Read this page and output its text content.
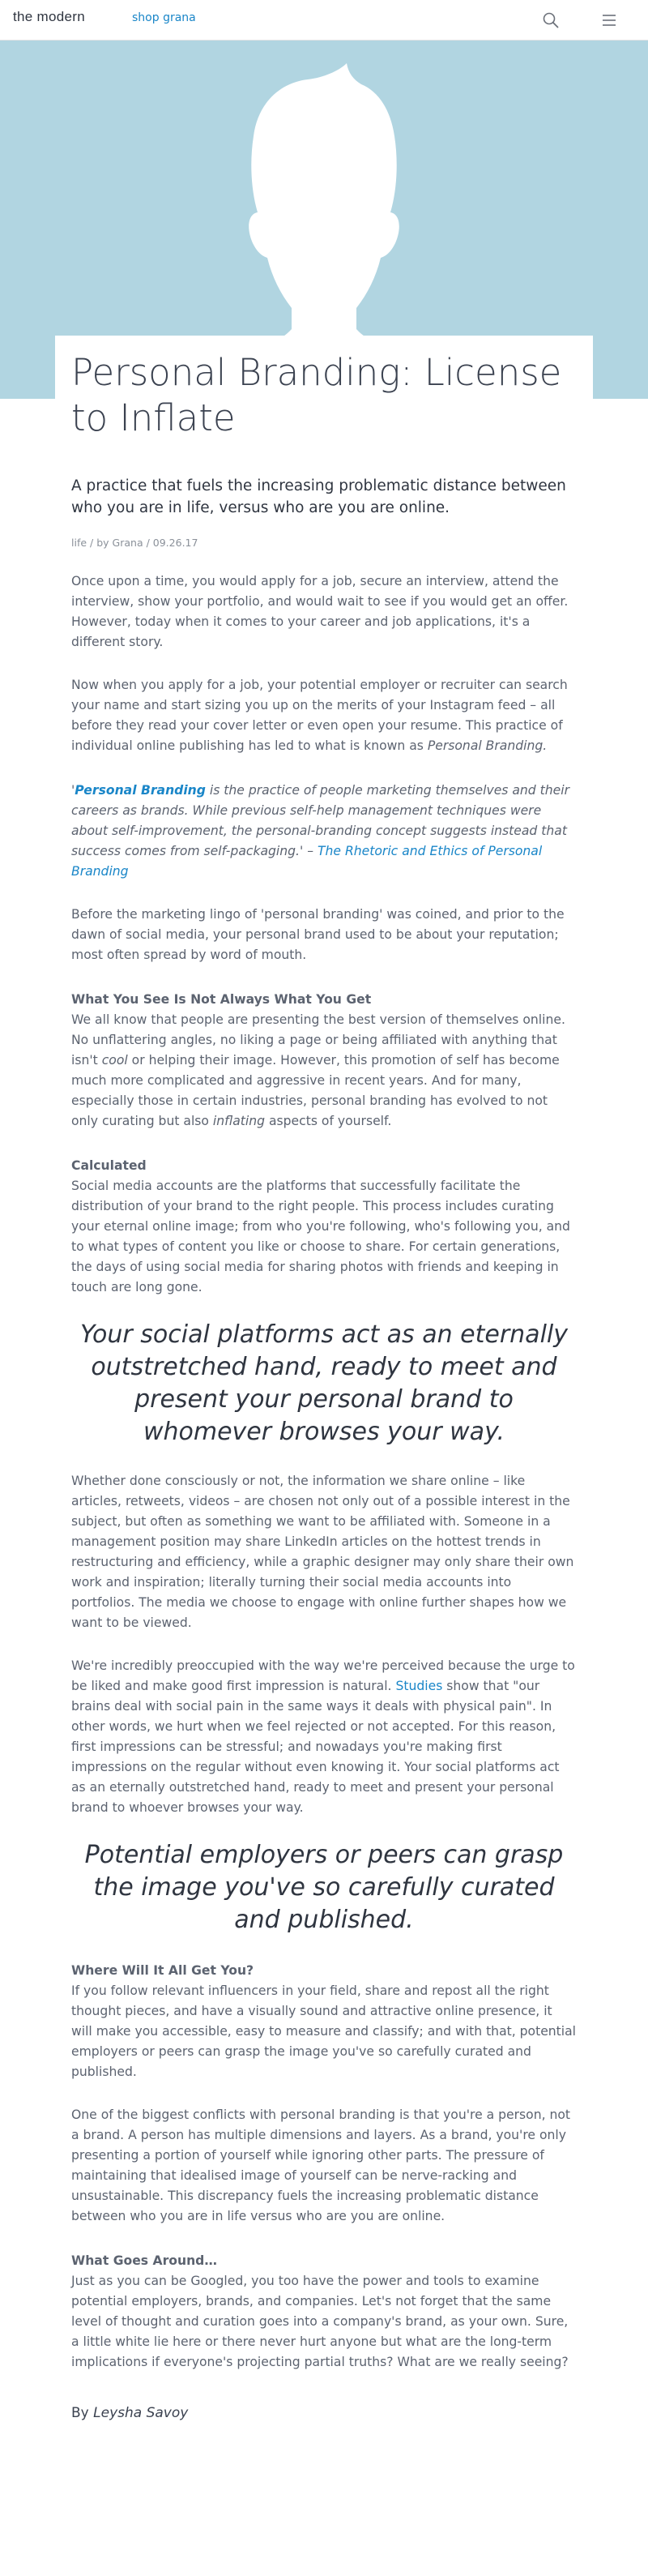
the modern	shop grana
Personal Branding: License to Inflate

A practice that fuels the increasing problematic distance between who you are in life, versus who are you are online.

life / by Grana / 09.26.17

Once upon a time, you would apply for a job, secure an interview, attend the interview, show your portfolio, and would wait to see if you would get an offer. However, today when it comes to your career and job applications, it's a different story.

Now when you apply for a job, your potential employer or recruiter can search your name and start sizing you up on the merits of your Instagram feed – all before they read your cover letter or even open your resume. This practice of individual online publishing has led to what is known as Personal Branding.

'Personal Branding is the practice of people marketing themselves and their careers as brands. While previous self-help management techniques were about self-improvement, the personal-branding concept suggests instead that success comes from self-packaging.' – The Rhetoric and Ethics of Personal Branding

Before the marketing lingo of 'personal branding' was coined, and prior to the dawn of social media, your personal brand used to be about your reputation; most often spread by word of mouth.

What You See Is Not Always What You Get

We all know that people are presenting the best version of themselves online. No unflattering angles, no liking a page or being affiliated with anything that isn't cool or helping their image. However, this promotion of self has become much more complicated and aggressive in recent years. And for many, especially those in certain industries, personal branding has evolved to not only curating but also inflating aspects of yourself.

Calculated

Social media accounts are the platforms that successfully facilitate the distribution of your brand to the right people. This process includes curating your eternal online image; from who you're following, who's following you, and to what types of content you like or choose to share. For certain generations, the days of using social media for sharing photos with friends and keeping in touch are long gone.

Your social platforms act as an eternally outstretched hand, ready to meet and present your personal brand to whomever browses your way.

Whether done consciously or not, the information we share online – like articles, retweets, videos – are chosen not only out of a possible interest in the subject, but often as something we want to be affiliated with. Someone in a management position may share LinkedIn articles on the hottest trends in restructuring and efficiency, while a graphic designer may only share their own work and inspiration; literally turning their social media accounts into portfolios. The media we choose to engage with online further shapes how we want to be viewed.

We're incredibly preoccupied with the way we're perceived because the urge to be liked and make good first impression is natural. Studies show that "our brains deal with social pain in the same ways it deals with physical pain". In other words, we hurt when we feel rejected or not accepted. For this reason, first impressions can be stressful; and nowadays you're making first impressions on the regular without even knowing it. Your social platforms act as an eternally outstretched hand, ready to meet and present your personal brand to whoever browses your way.

Potential employers or peers can grasp the image you've so carefully curated and published.

Where Will It All Get You?

If you follow relevant influencers in your field, share and repost all the right thought pieces, and have a visually sound and attractive online presence, it will make you accessible, easy to measure and classify; and with that, potential employers or peers can grasp the image you've so carefully curated and published.

One of the biggest conflicts with personal branding is that you're a person, not a brand. A person has multiple dimensions and layers. As a brand, you're only presenting a portion of yourself while ignoring other parts. The pressure of maintaining that idealised image of yourself can be nerve-racking and unsustainable. This discrepancy fuels the increasing problematic distance between who you are in life versus who are you are online.

What Goes Around…

Just as you can be Googled, you too have the power and tools to examine potential employers, brands, and companies. Let's not forget that the same level of thought and curation goes into a company's brand, as your own. Sure, a little white lie here or there never hurt anyone but what are the long-term implications if everyone's projecting partial truths? What are we really seeing?

By Leysha Savoy
